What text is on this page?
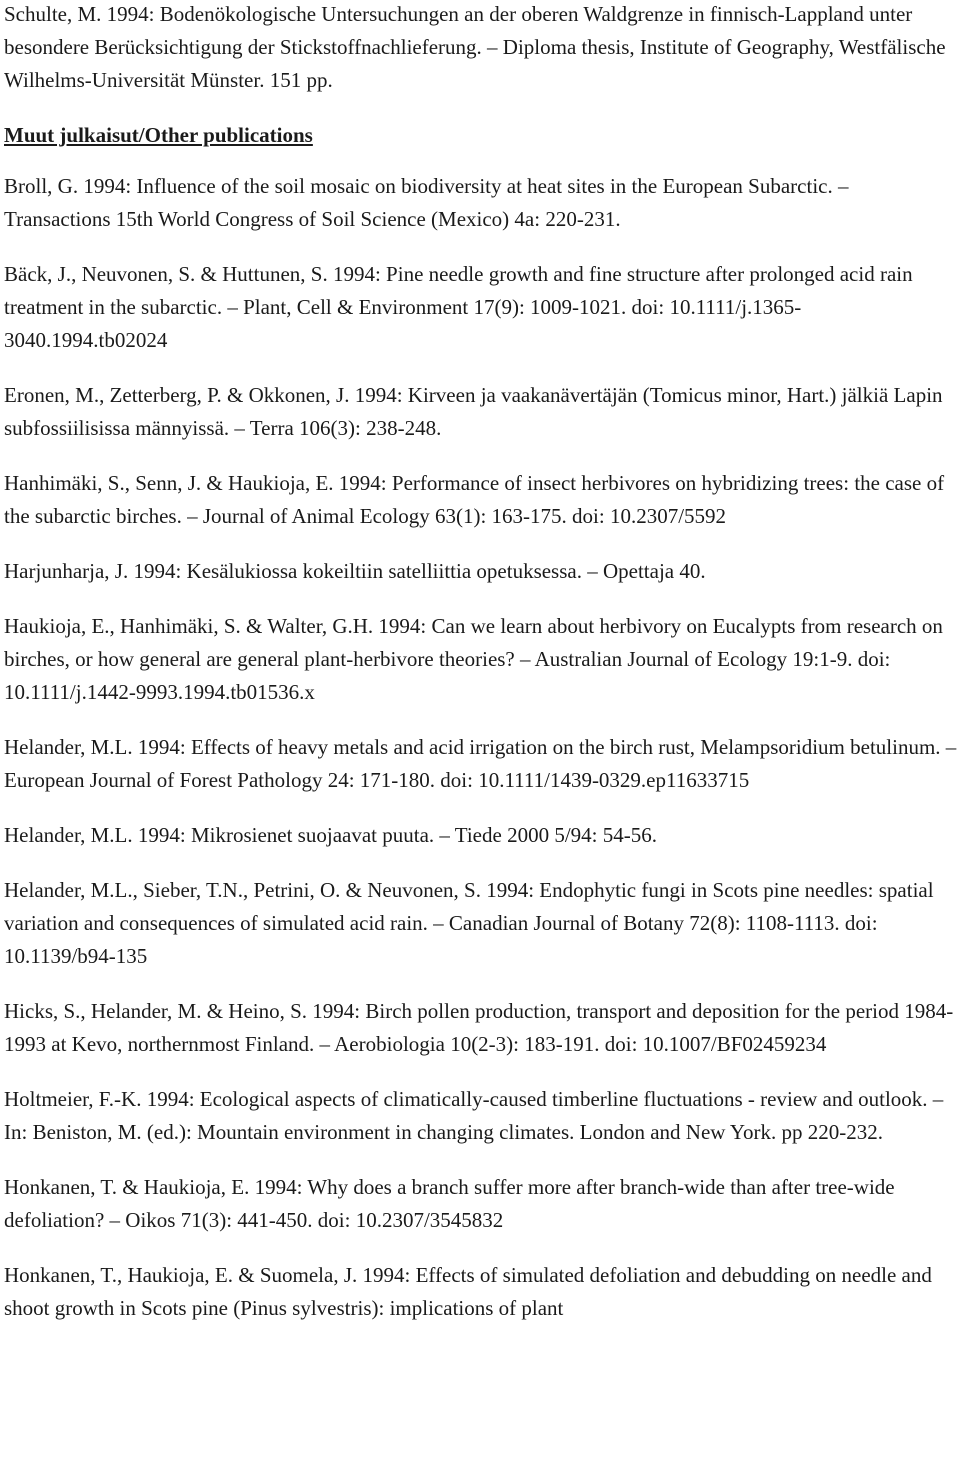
Schulte, M. 1994: Bodenökologische Untersuchungen an der oberen Waldgrenze in finnisch-Lappland unter besondere Berücksichtigung der Stickstoffnachlieferung. – Diploma thesis, Institute of Geography, Westfälische Wilhelms-Universität Münster. 151 pp.
Muut julkaisut/Other publications
Broll, G. 1994: Influence of the soil mosaic on biodiversity at heat sites in the European Subarctic. – Transactions 15th World Congress of Soil Science (Mexico) 4a: 220-231.
Bäck, J., Neuvonen, S. & Huttunen, S. 1994: Pine needle growth and fine structure after prolonged acid rain treatment in the subarctic. – Plant, Cell & Environment 17(9): 1009-1021. doi: 10.1111/j.1365-3040.1994.tb02024
Eronen, M., Zetterberg, P. & Okkonen, J. 1994: Kirveen ja vaakanävertäjän (Tomicus minor, Hart.) jälkiä Lapin subfossiilisissa männyissä. – Terra 106(3): 238-248.
Hanhimäki, S., Senn, J. & Haukioja, E. 1994: Performance of insect herbivores on hybridizing trees: the case of the subarctic birches. – Journal of Animal Ecology 63(1): 163-175. doi: 10.2307/5592
Harjunharja, J. 1994: Kesälukiossa kokeiltiin satelliittia opetuksessa. – Opettaja 40.
Haukioja, E., Hanhimäki, S. & Walter, G.H. 1994: Can we learn about herbivory on Eucalypts from research on birches, or how general are general plant-herbivore theories? – Australian Journal of Ecology 19:1-9. doi: 10.1111/j.1442-9993.1994.tb01536.x
Helander, M.L. 1994: Effects of heavy metals and acid irrigation on the birch rust, Melampsoridium betulinum. – European Journal of Forest Pathology 24: 171-180. doi: 10.1111/1439-0329.ep11633715
Helander, M.L. 1994: Mikrosienet suojaavat puuta. – Tiede 2000 5/94: 54-56.
Helander, M.L., Sieber, T.N., Petrini, O. & Neuvonen, S. 1994: Endophytic fungi in Scots pine needles: spatial variation and consequences of simulated acid rain. – Canadian Journal of Botany 72(8): 1108-1113. doi: 10.1139/b94-135
Hicks, S., Helander, M. & Heino, S. 1994: Birch pollen production, transport and deposition for the period 1984-1993 at Kevo, northernmost Finland. – Aerobiologia 10(2-3): 183-191. doi: 10.1007/BF02459234
Holtmeier, F.-K. 1994: Ecological aspects of climatically-caused timberline fluctuations - review and outlook. – In: Beniston, M. (ed.): Mountain environment in changing climates. London and New York. pp 220-232.
Honkanen, T. & Haukioja, E. 1994: Why does a branch suffer more after branch-wide than after tree-wide defoliation? – Oikos 71(3): 441-450. doi: 10.2307/3545832
Honkanen, T., Haukioja, E. & Suomela, J. 1994: Effects of simulated defoliation and debudding on needle and shoot growth in Scots pine (Pinus sylvestris): implications of plant
